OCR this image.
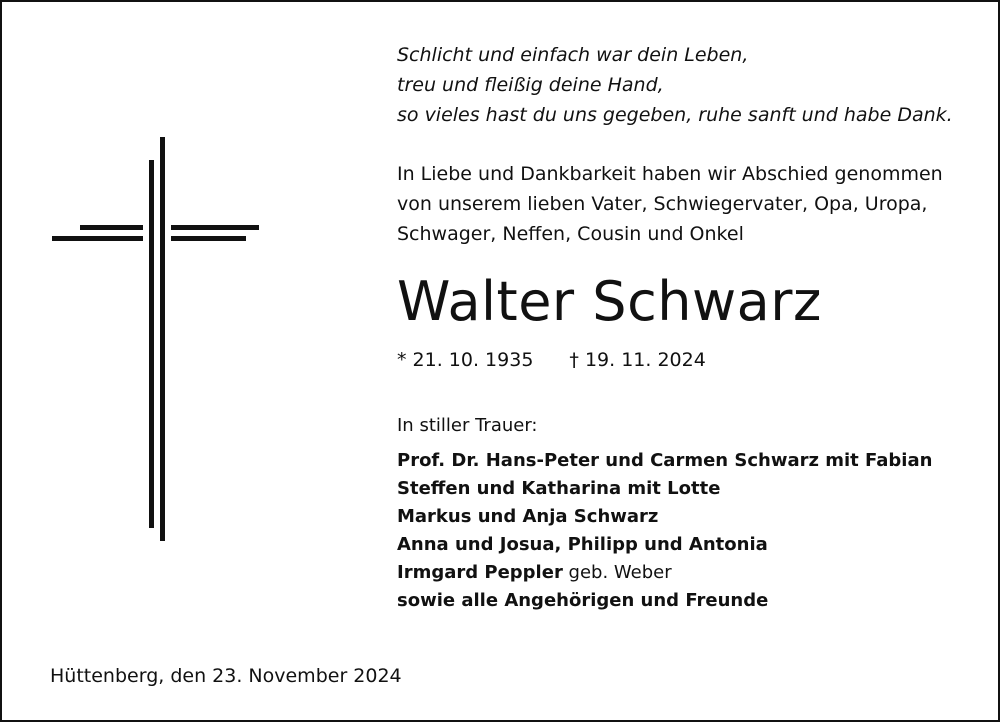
Schlicht und einfach war dein Leben,
treu und fleißig deine Hand,
so vieles hast du uns gegeben, ruhe sanft und habe Dank.
In Liebe und Dankbarkeit haben wir Abschied genommen
von unserem lieben Vater, Schwiegervater, Opa, Uropa,
Schwager, Neffen, Cousin und Onkel
Walter Schwarz
* 21. 10. 1935 † 19. 11. 2024
In stiller Trauer:
Prof. Dr. Hans-Peter und Carmen Schwarz mit Fabian
Steffen und Katharina mit Lotte
Markus und Anja Schwarz
Anna und Josua, Philipp und Antonia
Irmgard Peppler geb. Weber
sowie alle Angehörigen und Freunde
Hüttenberg, den 23. November 2024
